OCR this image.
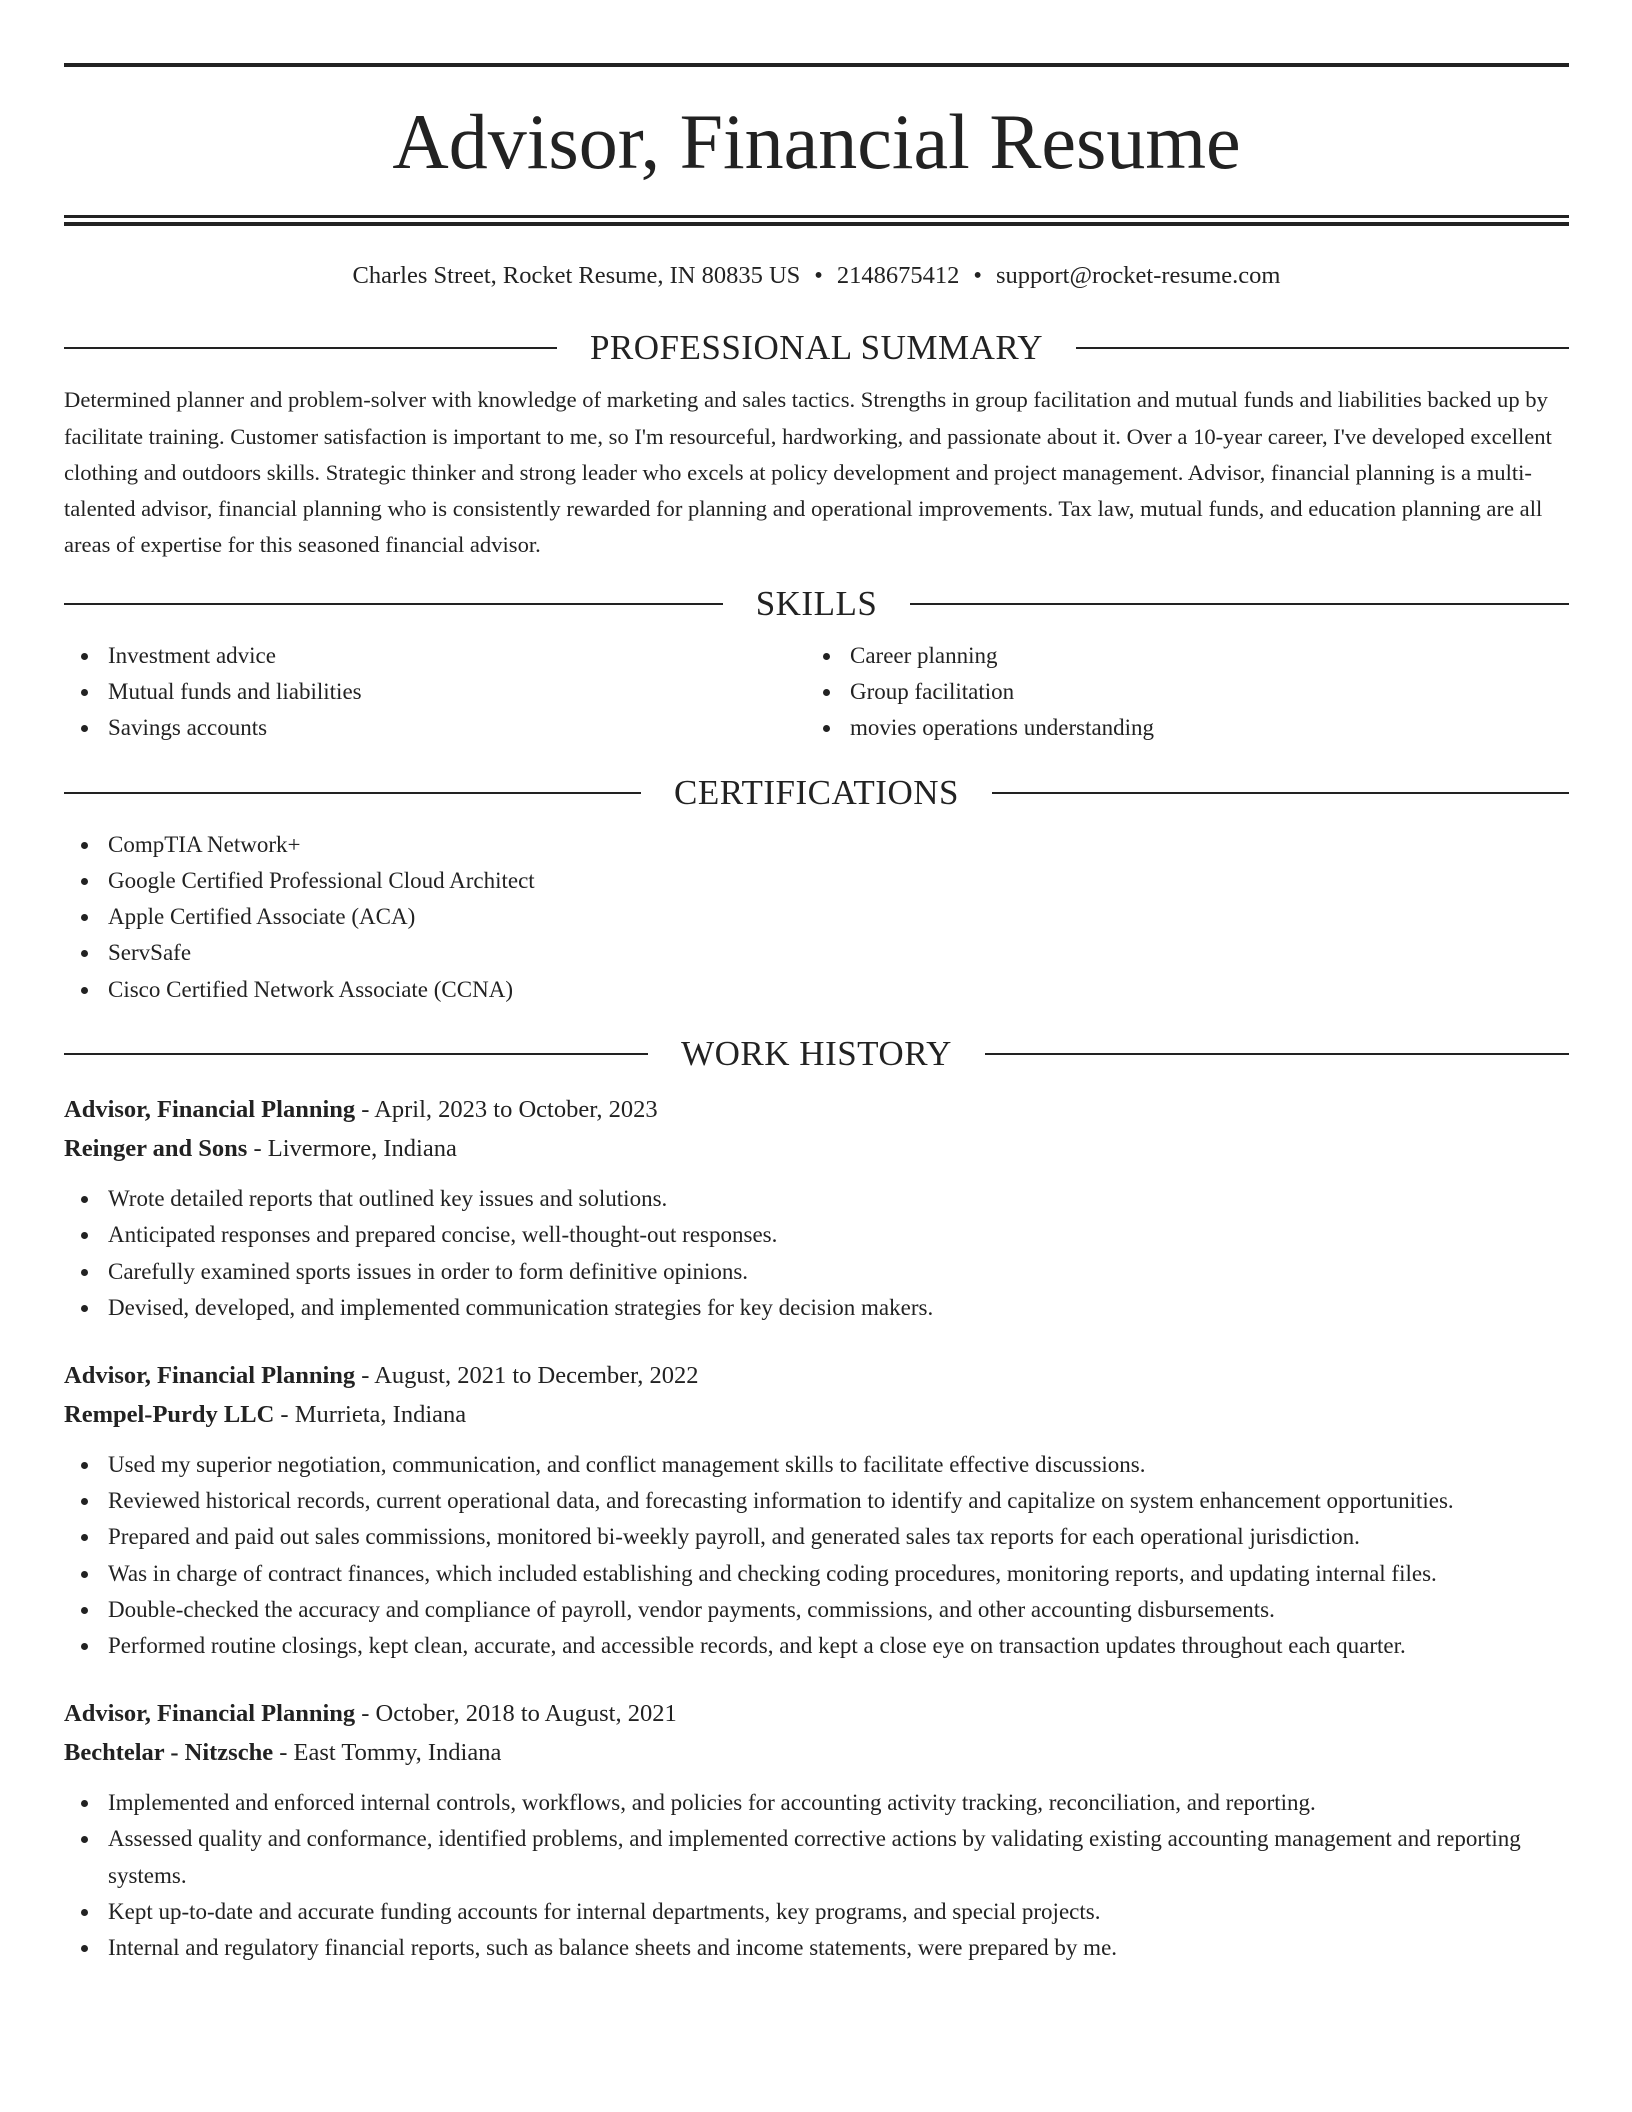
Advisor, Financial Resume
Charles Street, Rocket Resume, IN 80835 US • 2148675412 • support@rocket-resume.com
PROFESSIONAL SUMMARY

Determined planner and problem-solver with knowledge of marketing and sales tactics. Strengths in group facilitation and mutual funds and liabilities backed up by facilitate training. Customer satisfaction is important to me, so I'm resourceful, hardworking, and passionate about it. Over a 10-year career, I've developed excellent clothing and outdoors skills. Strategic thinker and strong leader who excels at policy development and project management. Advisor, financial planning is a multi-talented advisor, financial planning who is consistently rewarded for planning and operational improvements. Tax law, mutual funds, and education planning are all areas of expertise for this seasoned financial advisor.

SKILLS
Investment advice
Mutual funds and liabilities
Savings accounts
Career planning
Group facilitation
movies operations understanding
CERTIFICATIONS
CompTIA Network+
Google Certified Professional Cloud Architect
Apple Certified Associate (ACA)
ServSafe
Cisco Certified Network Associate (CCNA)
WORK HISTORY
Advisor, Financial Planning - April, 2023 to October, 2023
Reinger and Sons - Livermore, Indiana
Wrote detailed reports that outlined key issues and solutions.
Anticipated responses and prepared concise, well-thought-out responses.
Carefully examined sports issues in order to form definitive opinions.
Devised, developed, and implemented communication strategies for key decision makers.
Advisor, Financial Planning - August, 2021 to December, 2022
Rempel-Purdy LLC - Murrieta, Indiana
Used my superior negotiation, communication, and conflict management skills to facilitate effective discussions.
Reviewed historical records, current operational data, and forecasting information to identify and capitalize on system enhancement opportunities.
Prepared and paid out sales commissions, monitored bi-weekly payroll, and generated sales tax reports for each operational jurisdiction.
Was in charge of contract finances, which included establishing and checking coding procedures, monitoring reports, and updating internal files.
Double-checked the accuracy and compliance of payroll, vendor payments, commissions, and other accounting disbursements.
Performed routine closings, kept clean, accurate, and accessible records, and kept a close eye on transaction updates throughout each quarter.
Advisor, Financial Planning - October, 2018 to August, 2021
Bechtelar - Nitzsche - East Tommy, Indiana
Implemented and enforced internal controls, workflows, and policies for accounting activity tracking, reconciliation, and reporting.
Assessed quality and conformance, identified problems, and implemented corrective actions by validating existing accounting management and reporting systems.
Kept up-to-date and accurate funding accounts for internal departments, key programs, and special projects.
Internal and regulatory financial reports, such as balance sheets and income statements, were prepared by me.
